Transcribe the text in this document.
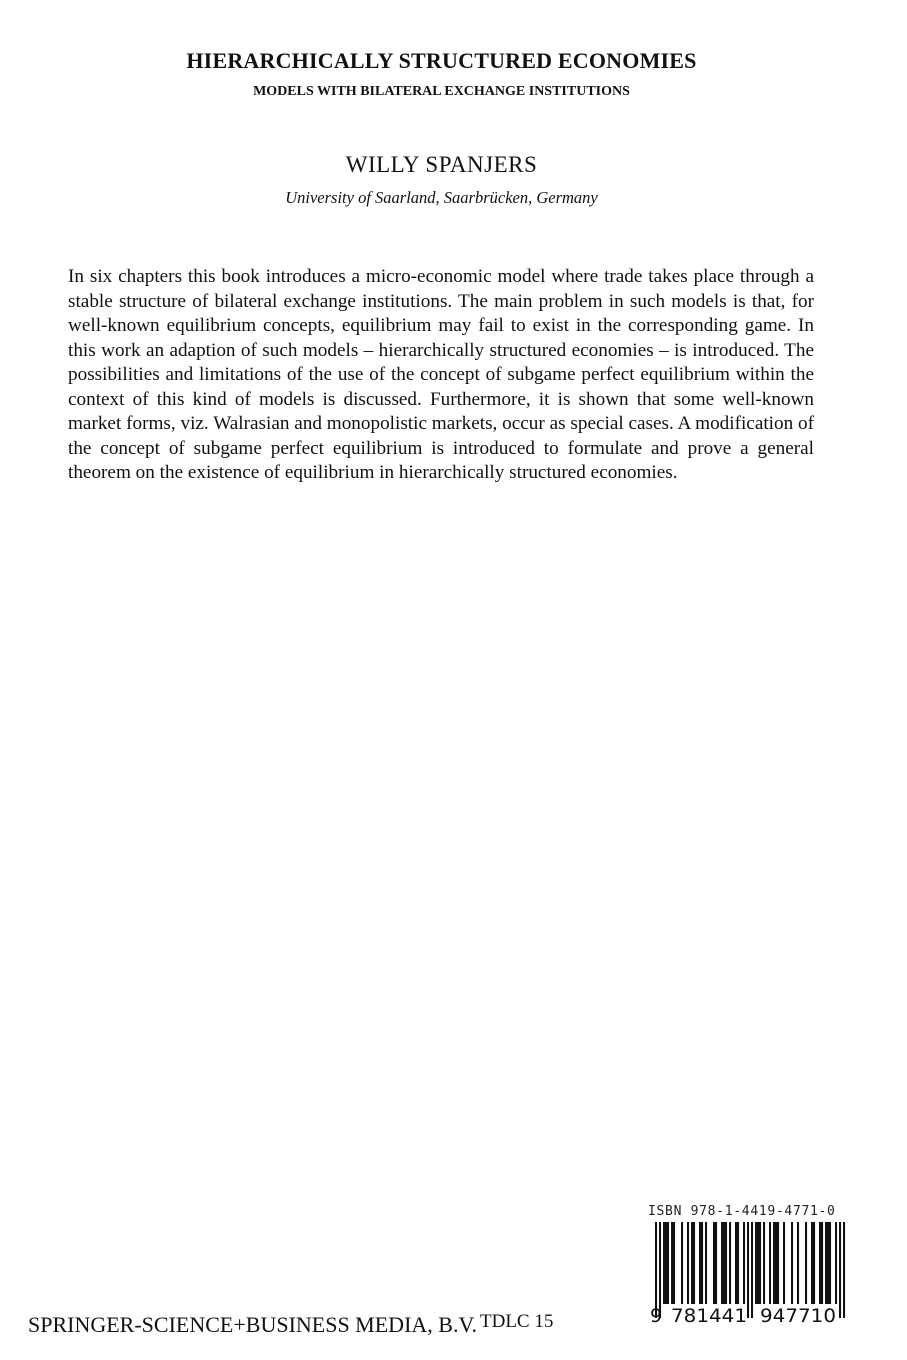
HIERARCHICALLY STRUCTURED ECONOMIES
MODELS WITH BILATERAL EXCHANGE INSTITUTIONS
WILLY SPANJERS
University of Saarland, Saarbrücken, Germany
In six chapters this book introduces a micro-economic model where trade takes place through a stable structure of bilateral exchange institutions. The main problem in such models is that, for well-known equilibrium concepts, equilibrium may fail to exist in the corresponding game. In this work an adaption of such models – hierarchically structured economies – is introduced. The possibilities and limitations of the use of the concept of subgame perfect equilibrium within the context of this kind of models is discussed. Furthermore, it is shown that some well-known market forms, viz. Walrasian and monopolistic markets, occur as special cases. A modification of the concept of subgame perfect equilibrium is introduced to formulate and prove a general theorem on the existence of equilibrium in hierarchically structured economies.
ISBN 978-1-4419-4771-0
9 781441 947710
SPRINGER-SCIENCE+BUSINESS MEDIA, B.V. TDLC 15
